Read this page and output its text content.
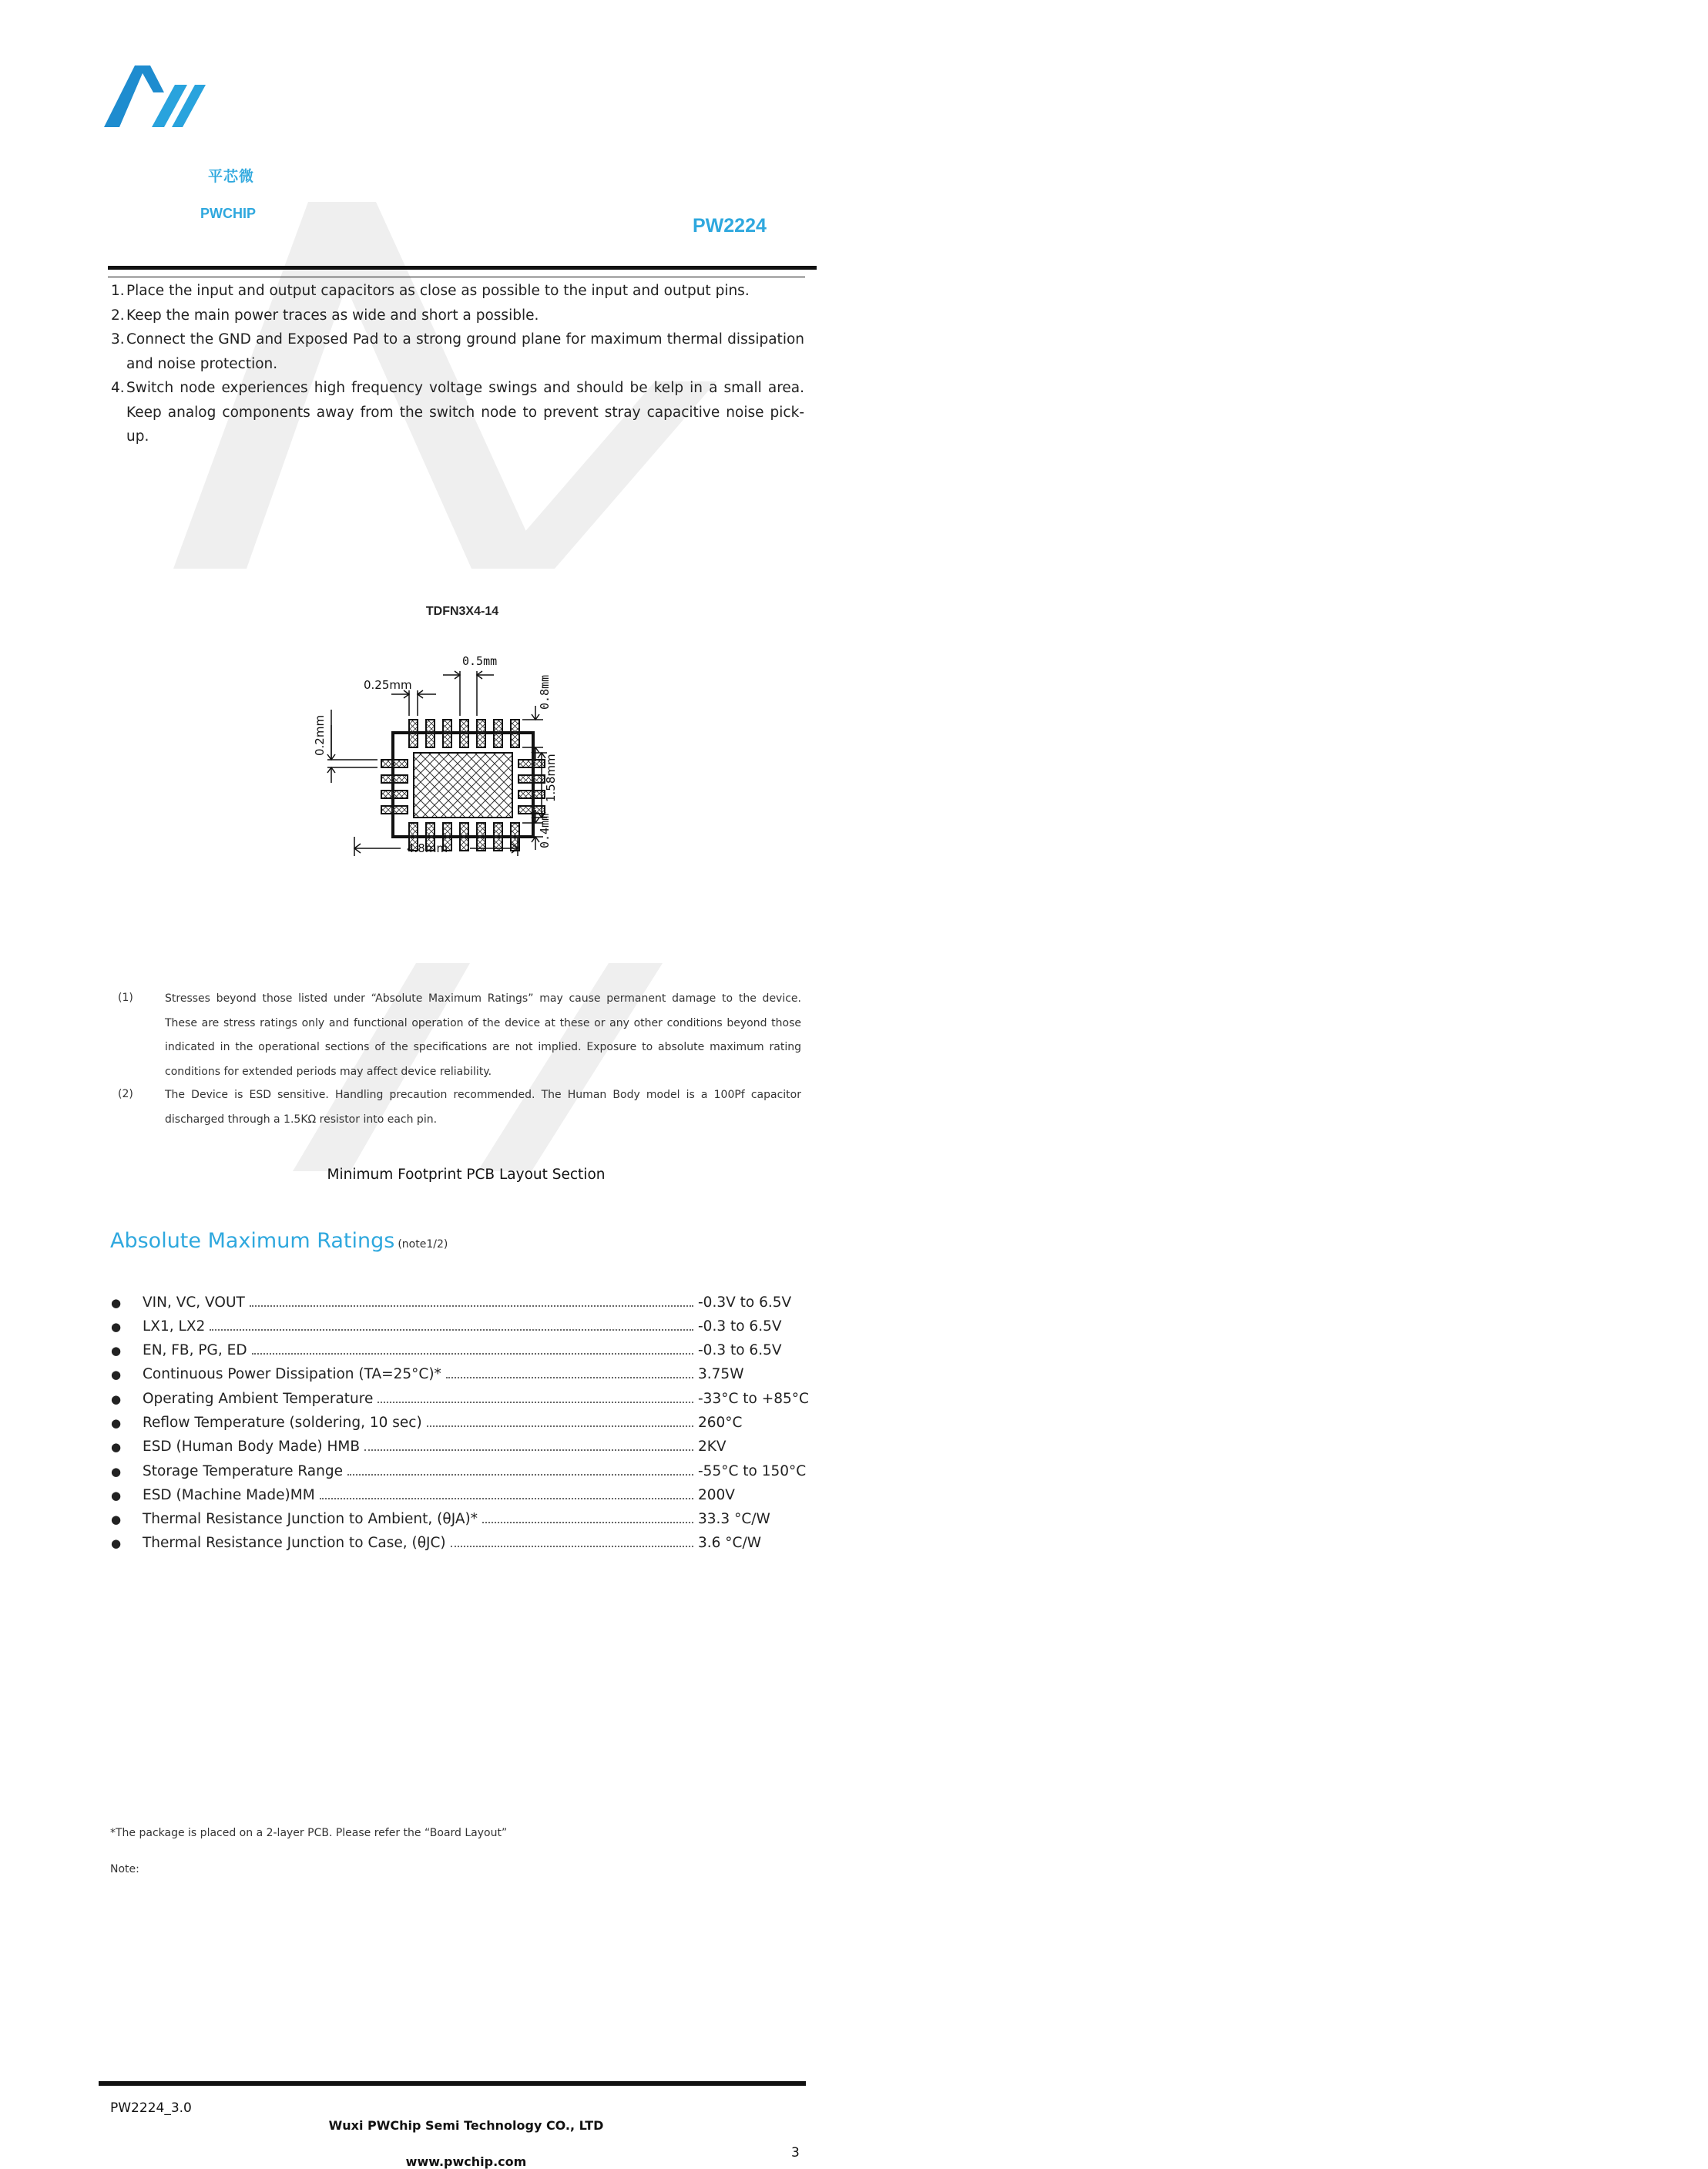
平芯微
PWCHIP
PW2224
1. Place the input and output capacitors as close as possible to the input and output pins.
2. Keep the main power traces as wide and short a possible.
3. Connect the GND and Exposed Pad to a strong ground plane for maximum thermal dissipation and noise protection.
4. Switch node experiences high frequency voltage swings and should be kelp in a small area. Keep analog components away from the switch node to prevent stray capacitive noise pick-up.
TDFN3X4-14
0.5mm
0.25mm	0.8mm
1.58mm
0.4mm
0.2mm
4.8mm
Minimum Footprint PCB Layout Section
Absolute Maximum Ratings (note1/2)
●	VIN, VC, VOUT	-0.3V to 6.5V
●	LX1, LX2	-0.3 to 6.5V
●	EN, FB, PG, ED	-0.3 to 6.5V
●	Continuous Power Dissipation (TA=25°C)*	3.75W
●	Operating Ambient Temperature	-33°C to +85°C
●	Reflow Temperature (soldering, 10 sec)	260°C
●	ESD (Human Body Made) HMB	2KV
●	Storage Temperature Range	-55°C to 150°C
●	ESD (Machine Made)MM	200V
●	Thermal Resistance Junction to Ambient, (θJA)*	33.3 °C/W
●	Thermal Resistance Junction to Case, (θJC)	3.6 °C/W
*The package is placed on a 2-layer PCB. Please refer the “Board Layout”
Note:
(1)	Stresses beyond those listed under “Absolute Maximum Ratings” may cause permanent damage to the device. These are stress ratings only and functional operation of the device at these or any other conditions beyond those indicated in the operational sections of the specifications are not implied. Exposure to absolute maximum rating conditions for extended periods may affect device reliability.
(2)	The Device is ESD sensitive. Handling precaution recommended. The Human Body model is a 100Pf capacitor discharged through a 1.5KΩ resistor into each pin.
PW2224_3.0
Wuxi PWChip Semi Technology CO., LTD
www.pwchip.com
3
